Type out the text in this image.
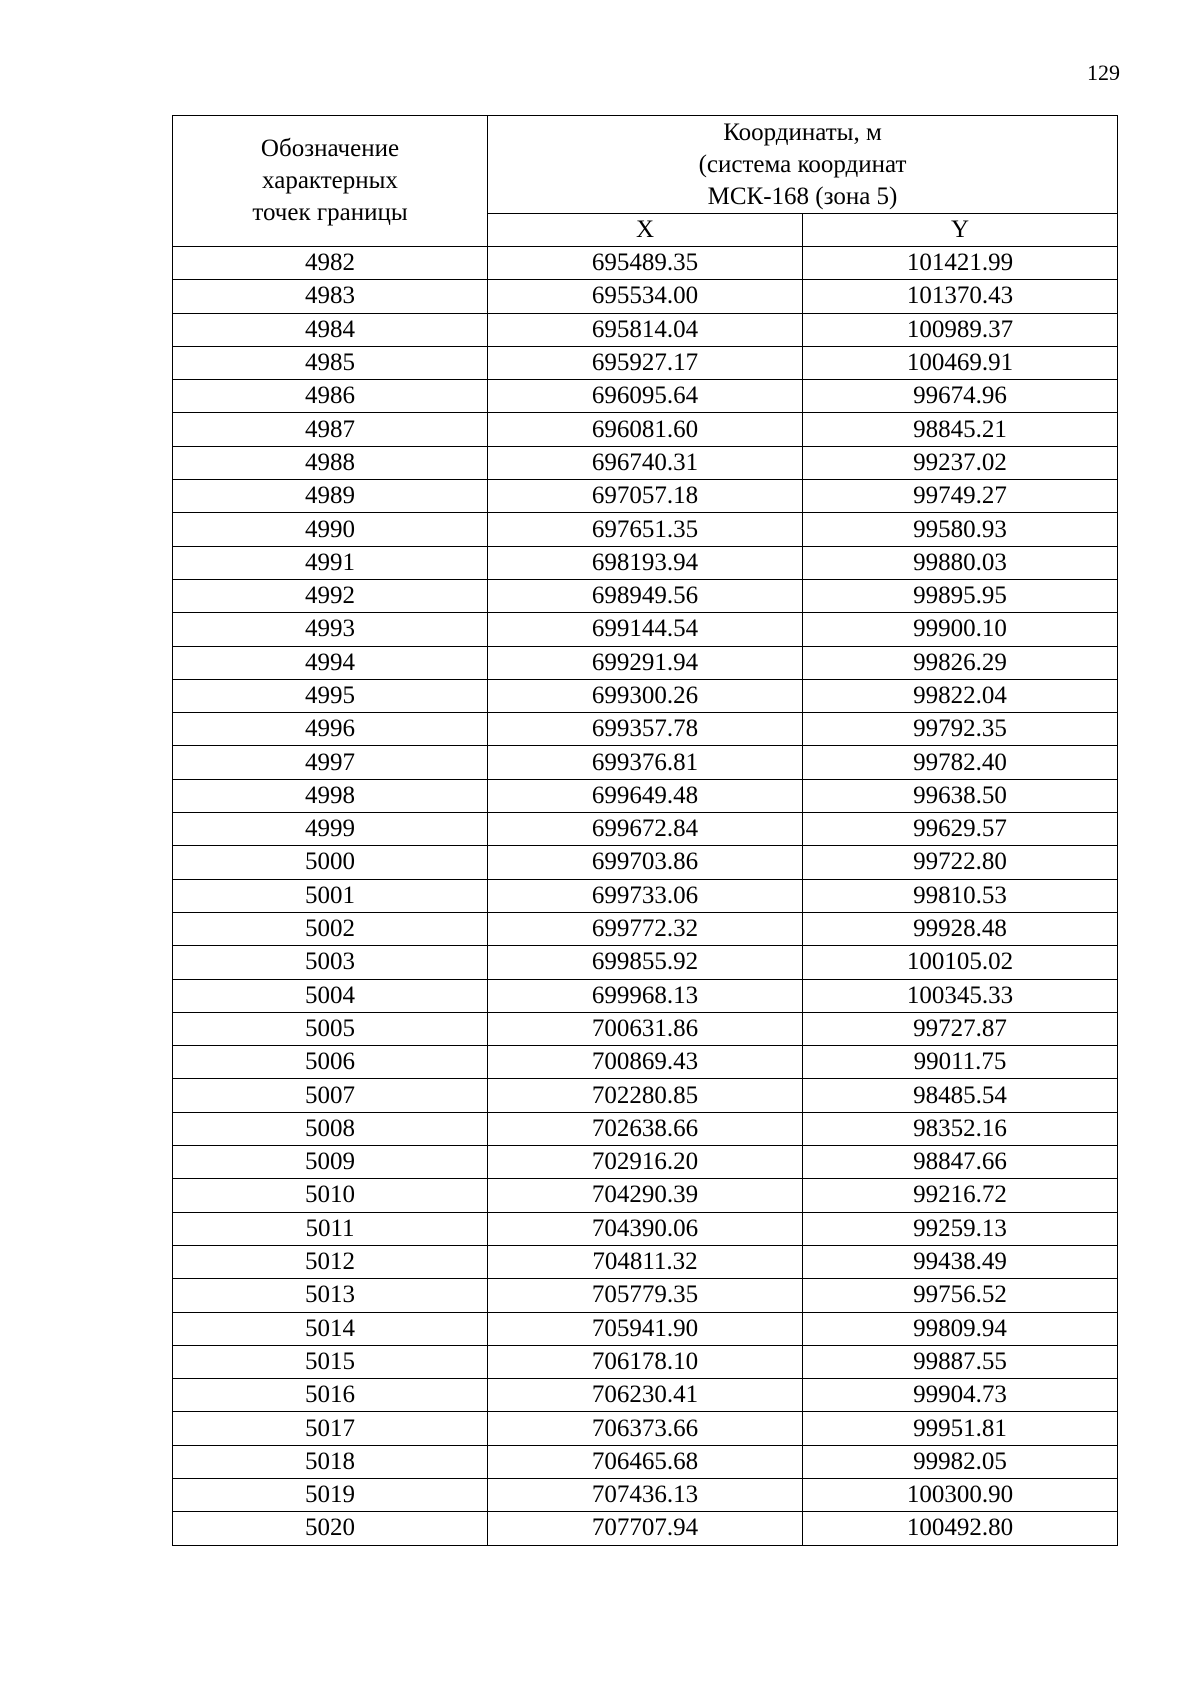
129
Обозначение
характерных
точек границы	Координаты, м
(система координат
МСК-168 (зона 5)	

	X	Y
4982	695489.35	101421.99
4983	695534.00	101370.43
4984	695814.04	100989.37
4985	695927.17	100469.91
4986	696095.64	99674.96
4987	696081.60	98845.21
4988	696740.31	99237.02
4989	697057.18	99749.27
4990	697651.35	99580.93
4991	698193.94	99880.03
4992	698949.56	99895.95
4993	699144.54	99900.10
4994	699291.94	99826.29
4995	699300.26	99822.04
4996	699357.78	99792.35
4997	699376.81	99782.40
4998	699649.48	99638.50
4999	699672.84	99629.57
5000	699703.86	99722.80
5001	699733.06	99810.53
5002	699772.32	99928.48
5003	699855.92	100105.02
5004	699968.13	100345.33
5005	700631.86	99727.87
5006	700869.43	99011.75
5007	702280.85	98485.54
5008	702638.66	98352.16
5009	702916.20	98847.66
5010	704290.39	99216.72
5011	704390.06	99259.13
5012	704811.32	99438.49
5013	705779.35	99756.52
5014	705941.90	99809.94
5015	706178.10	99887.55
5016	706230.41	99904.73
5017	706373.66	99951.81
5018	706465.68	99982.05
5019	707436.13	100300.90
5020	707707.94	100492.80
